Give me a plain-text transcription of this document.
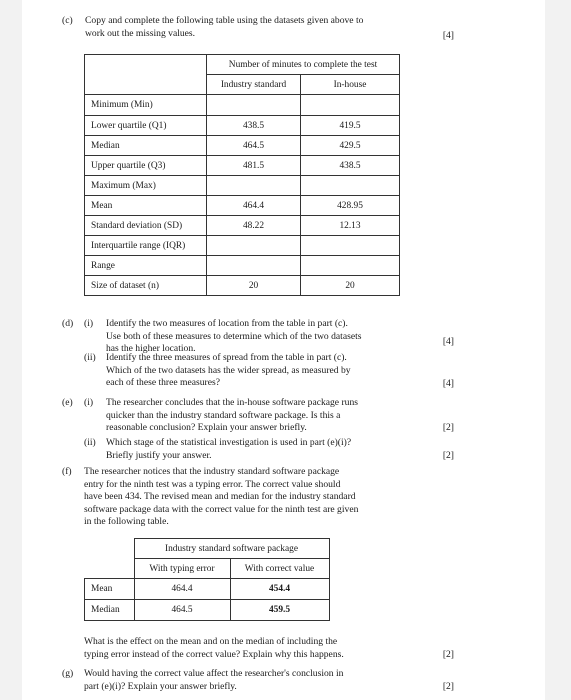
(c) Copy and complete the following table using the datasets given above to
work out the missing values.	[4]
	Number of minutes to complete the test	
	Industry standard	In-house
Minimum (Min)		
Lower quartile (Q1)	438.5	419.5
Median	464.5	429.5
Upper quartile (Q3)	481.5	438.5
Maximum (Max)		
Mean	464.4	428.95
Standard deviation (SD)	48.22	12.13
Interquartile range (IQR)		
Range		
Size of dataset (n)	20	20
(d) (i) Identify the two measures of location from the table in part (c).
Use both of these measures to determine which of the two datasets
has the higher location.
[4]
(ii) Identify the three measures of spread from the table in part (c).
Which of the two datasets has the wider spread, as measured by
each of these three measures?	[4]
(e) (i) The researcher concludes that the in-house software package runs
quicker than the industry standard software package. Is this a
reasonable conclusion? Explain your answer briefly.	[2]
(ii) Which stage of the statistical investigation is used in part (e)(i)?
Briefly justify your answer.	[2]
(f) The researcher notices that the industry standard software package
entry for the ninth test was a typing error. The correct value should
have been 434. The revised mean and median for the industry standard
software package data with the correct value for the ninth test are given
in the following table.
	Industry standard software package	
	With typing error	With correct value
Mean	464.4	454.4
Median	464.5	459.5
What is the effect on the mean and on the median of including the
typing error instead of the correct value? Explain why this happens.	[2]
(g) Would having the correct value affect the researcher's conclusion in
part (e)(i)? Explain your answer briefly.	[2]
